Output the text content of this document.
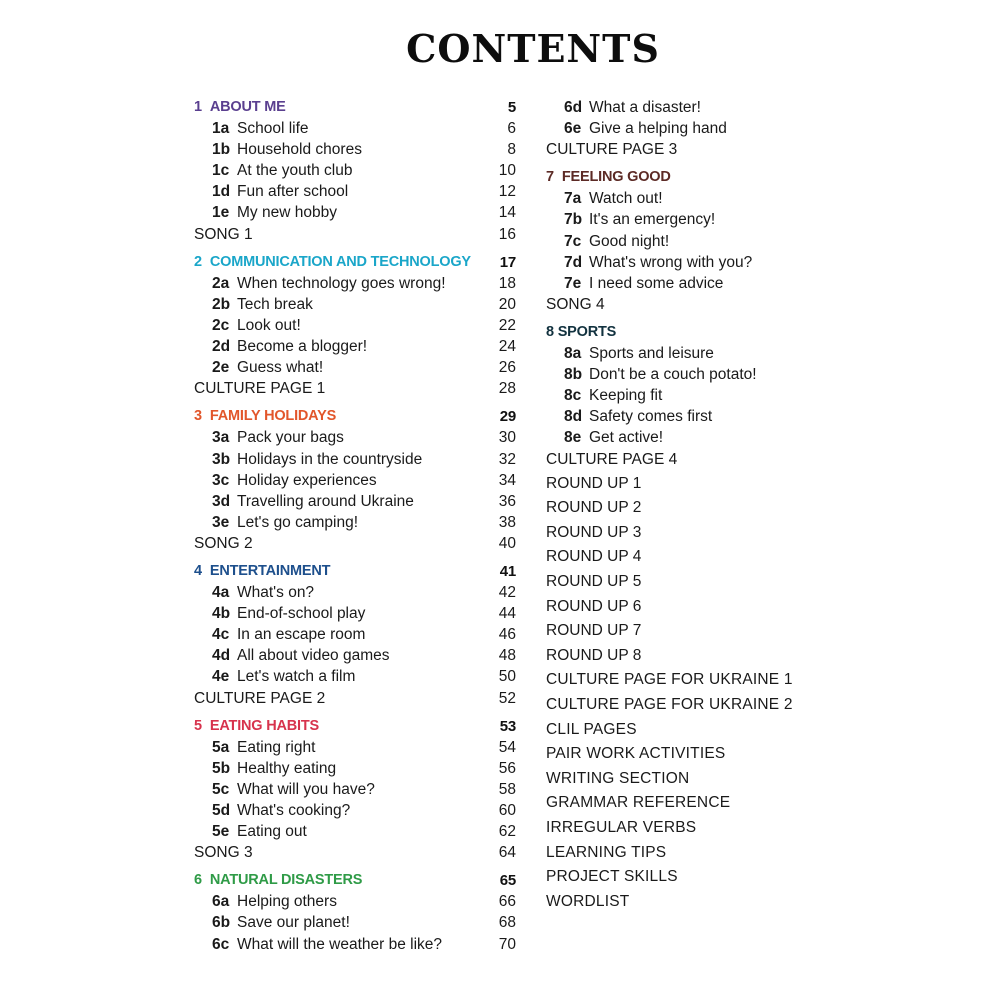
CONTENTS
1 ABOUT ME	5
1a School life	6
1b Household chores	8
1c At the youth club	10
1d Fun after school	12
1e My new hobby	14
SONG 1	16
2 COMMUNICATION AND TECHNOLOGY 17
2a When technology goes wrong!	18
2b Tech break	20
2c Look out!	22
2d Become a blogger!	24
2e Guess what!	26
CULTURE PAGE 1	28
3 FAMILY HOLIDAYS	29
3a Pack your bags	30
3b Holidays in the countryside	32
3c Holiday experiences	34
3d Travelling around Ukraine	36
3e Let's go camping!	38
SONG 2	40
4 ENTERTAINMENT	41
4a What's on?	42
4b End-of-school play	44
4c In an escape room	46
4d All about video games	48
4e Let's watch a film	50
CULTURE PAGE 2	52
5 EATING HABITS	53
5a Eating right	54
5b Healthy eating	56
5c What will you have?	58
5d What's cooking?	60
5e Eating out	62
SONG 3	64
6 NATURAL DISASTERS	65
6a Helping others	66
6b Save our planet!	68
6c What will the weather be like?	70
6d What a disaster!
6e Give a helping hand
CULTURE PAGE 3
7 FEELING GOOD
7a Watch out!
7b It's an emergency!
7c Good night!
7d What's wrong with you?
7e I need some advice
SONG 4
8 SPORTS
8a Sports and leisure
8b Don't be a couch potato!
8c Keeping fit
8d Safety comes first
8e Get active!
CULTURE PAGE 4
ROUND UP 1
ROUND UP 2
ROUND UP 3
ROUND UP 4
ROUND UP 5
ROUND UP 6
ROUND UP 7
ROUND UP 8
CULTURE PAGE FOR UKRAINE 1
CULTURE PAGE FOR UKRAINE 2
CLIL PAGES
PAIR WORK ACTIVITIES
WRITING SECTION
GRAMMAR REFERENCE
IRREGULAR VERBS
LEARNING TIPS
PROJECT SKILLS
WORDLIST
